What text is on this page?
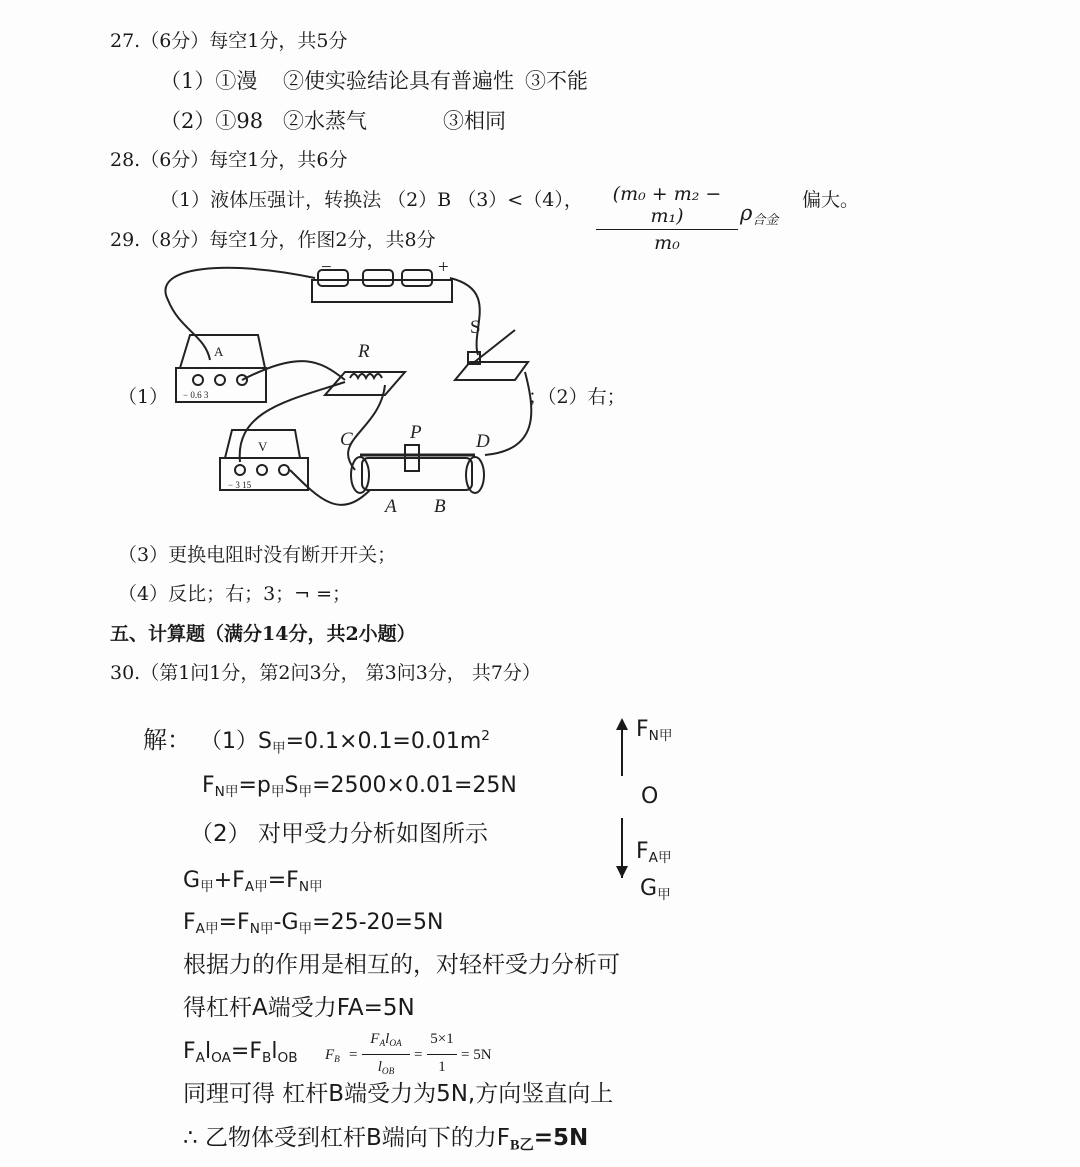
27.（6分）每空1分，共5分
（1）①漫 ②使实验结论具有普遍性 ③不能
（2）①98 ②水蒸气	③相同
28.（6分）每空1分，共6分
（1）液体压强计，转换法 （2）B （3）<（4），	(m₀ + m₂ − m₁)
m₀
$\rho_{合金}$
偏大。
29.（8分）每空1分，作图2分，共8分
（1）	；（2）右；
−	+
S
R
A
V
− 0.6 3
− 3 15
C	P	D
A B
（3）更换电阻时没有断开开关；
（4）反比；右；3；¬ =；
五、计算题（满分14分，共2小题）
30.（第1问1分，第2问3分， 第3问3分， 共7分）
解： $(1)S_甲=0.1\times 0.1=0.01m^2$
$F_{N甲}=p_甲S_甲=2500\times 0.01=25N$
（2） 对甲受力分析如图所示
$G_甲+F_{A甲}=F_{N甲}$
$F_{A甲}=F_{N甲}-G_甲=25-20=5N$
根据力的作用是相互的，对轻杆受力分析可
得杠杆A端受力FA=5N
$F_Al_{OA}=F_Bl_{OB}$ $F_B$ =
$F_Al_{OA}$
$l_{OB}$
=
5×1
1
= 5N
同理可得 杠杆B端受力为5N,方向竖直向上
∴ 乙物体受到杠杆B端向下的力$F_{B乙}=5N$
$F_{N甲}$
O
$F_{A甲}$
$G_甲$
